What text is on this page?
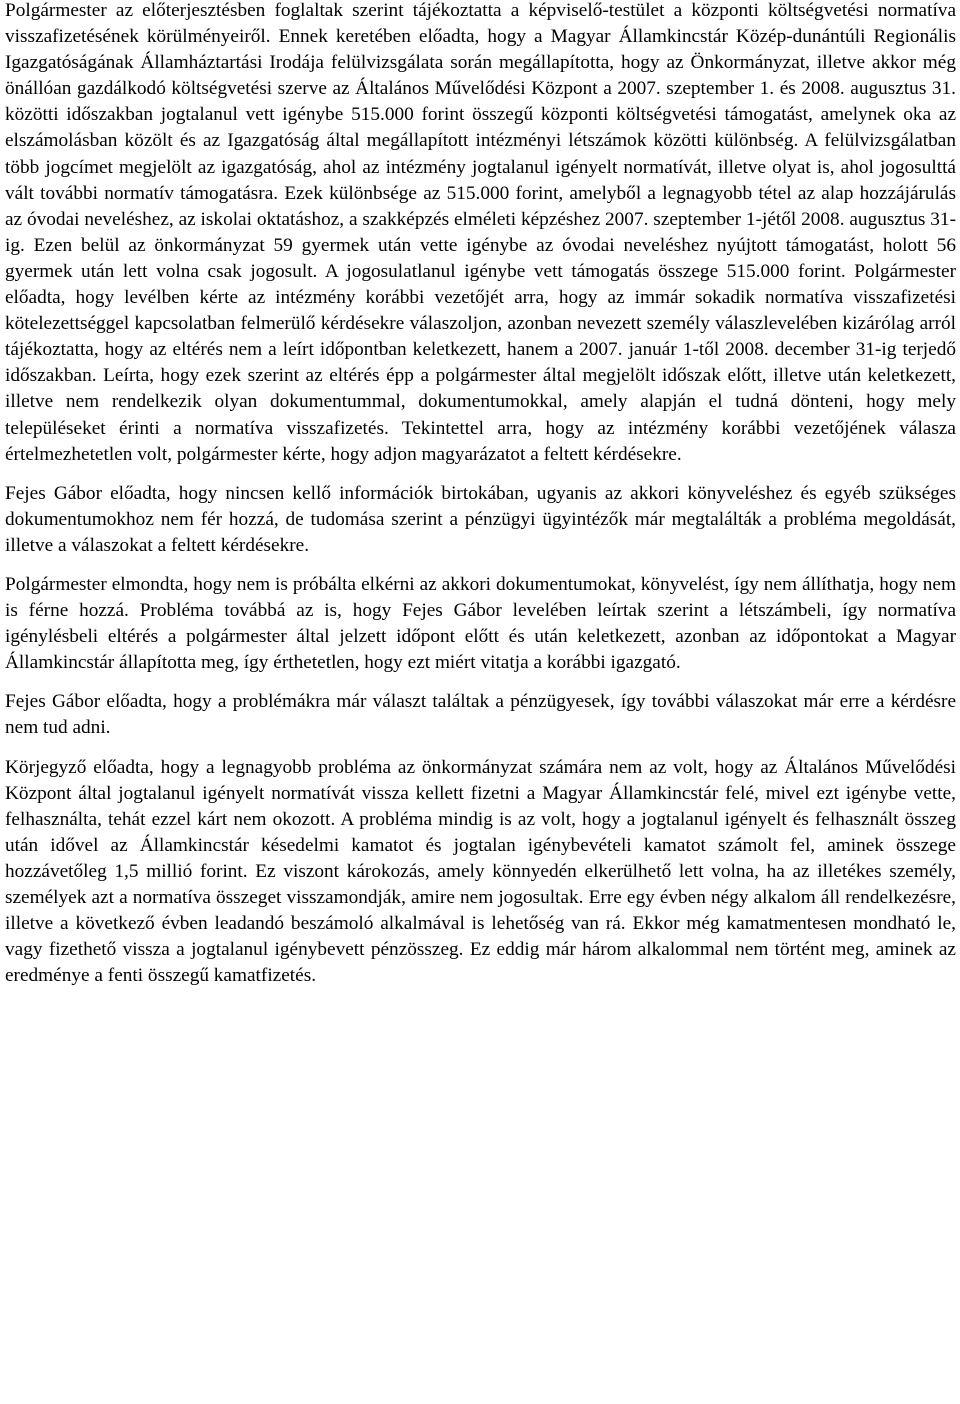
Polgármester az előterjesztésben foglaltak szerint tájékoztatta a képviselő-testület a központi költségvetési normatíva visszafizetésének körülményeiről. Ennek keretében előadta, hogy a Magyar Államkincstár Közép-dunántúli Regionális Igazgatóságának Államháztartási Irodája felülvizsgálata során megállapította, hogy az Önkormányzat, illetve akkor még önállóan gazdálkodó költségvetési szerve az Általános Művelődési Központ a 2007. szeptember 1. és 2008. augusztus 31. közötti időszakban jogtalanul vett igénybe 515.000 forint összegű központi költségvetési támogatást, amelynek oka az elszámolásban közölt és az Igazgatóság által megállapított intézményi létszámok közötti különbség. A felülvizsgálatban több jogcímet megjelölt az igazgatóság, ahol az intézmény jogtalanul igényelt normatívát, illetve olyat is, ahol jogosulttá vált további normatív támogatásra. Ezek különbsége az 515.000 forint, amelyből a legnagyobb tétel az alap hozzájárulás az óvodai neveléshez, az iskolai oktatáshoz, a szakképzés elméleti képzéshez 2007. szeptember 1-jétől 2008. augusztus 31-ig. Ezen belül az önkormányzat 59 gyermek után vette igénybe az óvodai neveléshez nyújtott támogatást, holott 56 gyermek után lett volna csak jogosult. A jogosulatlanul igénybe vett támogatás összege 515.000 forint. Polgármester előadta, hogy levélben kérte az intézmény korábbi vezetőjét arra, hogy az immár sokadik normatíva visszafizetési kötelezettséggel kapcsolatban felmerülő kérdésekre válaszoljon, azonban nevezett személy válaszlevelében kizárólag arról tájékoztatta, hogy az eltérés nem a leírt időpontban keletkezett, hanem a 2007. január 1-től 2008. december 31-ig terjedő időszakban. Leírta, hogy ezek szerint az eltérés épp a polgármester által megjelölt időszak előtt, illetve után keletkezett, illetve nem rendelkezik olyan dokumentummal, dokumentumokkal, amely alapján el tudná dönteni, hogy mely településeket érinti a normatíva visszafizetés. Tekintettel arra, hogy az intézmény korábbi vezetőjének válasza értelmezhetetlen volt, polgármester kérte, hogy adjon magyarázatot a feltett kérdésekre.

Fejes Gábor előadta, hogy nincsen kellő információk birtokában, ugyanis az akkori könyveléshez és egyéb szükséges dokumentumokhoz nem fér hozzá, de tudomása szerint a pénzügyi ügyintézők már megtalálták a probléma megoldását, illetve a válaszokat a feltett kérdésekre.

Polgármester elmondta, hogy nem is próbálta elkérni az akkori dokumentumokat, könyvelést, így nem állíthatja, hogy nem is férne hozzá. Probléma továbbá az is, hogy Fejes Gábor levelében leírtak szerint a létszámbeli, így normatíva igénylésbeli eltérés a polgármester által jelzett időpont előtt és után keletkezett, azonban az időpontokat a Magyar Államkincstár állapította meg, így érthetetlen, hogy ezt miért vitatja a korábbi igazgató.

Fejes Gábor előadta, hogy a problémákra már választ találtak a pénzügyesek, így további válaszokat már erre a kérdésre nem tud adni.

Körjegyző előadta, hogy a legnagyobb probléma az önkormányzat számára nem az volt, hogy az Általános Művelődési Központ által jogtalanul igényelt normatívát vissza kellett fizetni a Magyar Államkincstár felé, mivel ezt igénybe vette, felhasználta, tehát ezzel kárt nem okozott. A probléma mindig is az volt, hogy a jogtalanul igényelt és felhasznált összeg után idővel az Államkincstár késedelmi kamatot és jogtalan igénybevételi kamatot számolt fel, aminek összege hozzávetőleg 1,5 millió forint. Ez viszont károkozás, amely könnyedén elkerülhető lett volna, ha az illetékes személy, személyek azt a normatíva összeget visszamondják, amire nem jogosultak. Erre egy évben négy alkalom áll rendelkezésre, illetve a következő évben leadandó beszámoló alkalmával is lehetőség van rá. Ekkor még kamatmentesen mondható le, vagy fizethető vissza a jogtalanul igénybevett pénzösszeg. Ez eddig már három alkalommal nem történt meg, aminek az eredménye a fenti összegű kamatfizetés.
